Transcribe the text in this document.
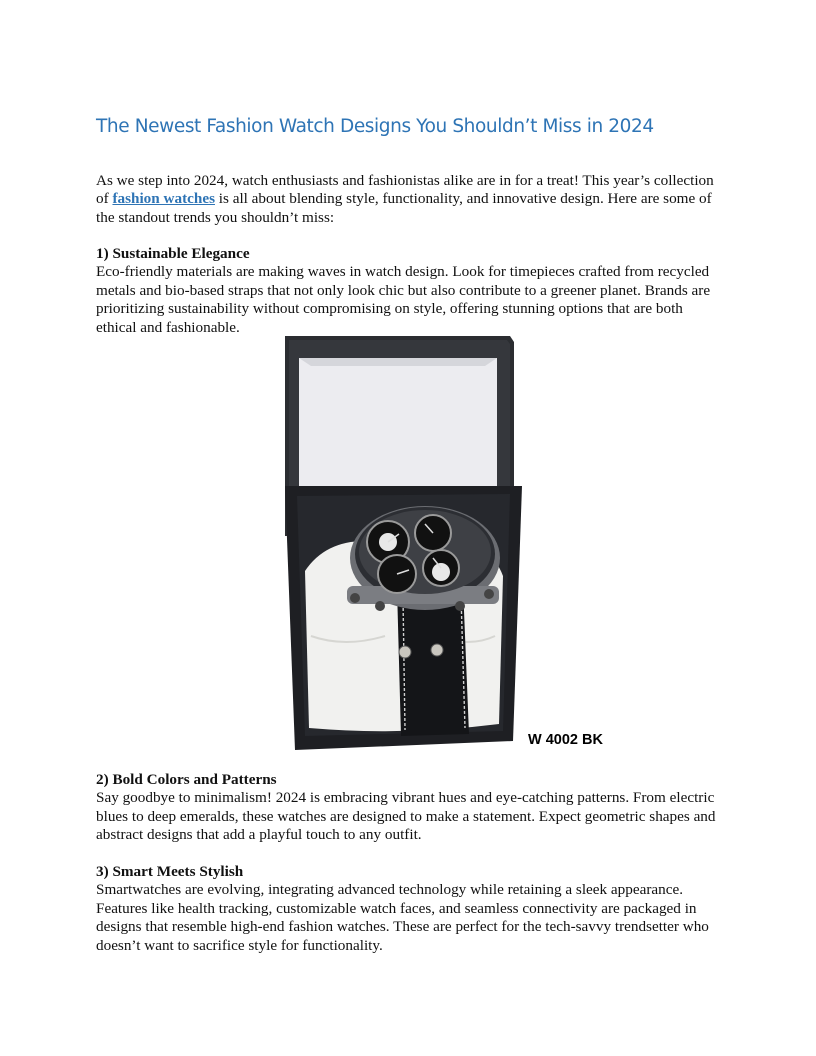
The Newest Fashion Watch Designs You Shouldn’t Miss in 2024

As we step into 2024, watch enthusiasts and fashionistas alike are in for a treat! This year’s collection of fashion watches is all about blending style, functionality, and innovative design. Here are some of the standout trends you shouldn’t miss:

1) Sustainable Elegance
Eco-friendly materials are making waves in watch design. Look for timepieces crafted from recycled metals and bio-based straps that not only look chic but also contribute to a greener planet. Brands are prioritizing sustainability without compromising on style, offering stunning options that are both ethical and fashionable.

W 4002 BK

2) Bold Colors and Patterns
Say goodbye to minimalism! 2024 is embracing vibrant hues and eye-catching patterns. From electric blues to deep emeralds, these watches are designed to make a statement. Expect geometric shapes and abstract designs that add a playful touch to any outfit.
3) Smart Meets Stylish
Smartwatches are evolving, integrating advanced technology while retaining a sleek appearance. Features like health tracking, customizable watch faces, and seamless connectivity are packaged in designs that resemble high-end fashion watches. These are perfect for the tech-savvy trendsetter who doesn’t want to sacrifice style for functionality.
